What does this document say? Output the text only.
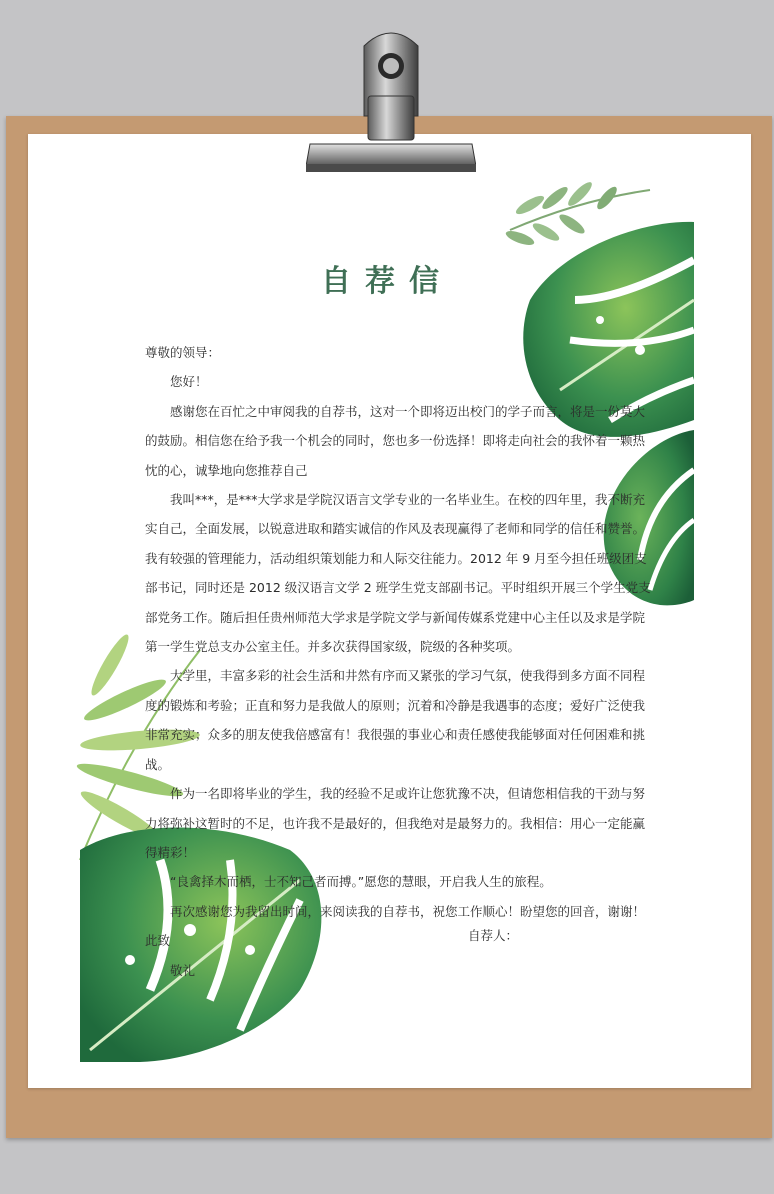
自荐信

尊敬的领导：

您好！

感谢您在百忙之中审阅我的自荐书，这对一个即将迈出校门的学子而言，将是一份莫大的鼓励。相信您在给予我一个机会的同时，您也多一份选择！即将走向社会的我怀着一颗热忱的心，诚挚地向您推荐自己

我叫***，是***大学求是学院汉语言文学专业的一名毕业生。在校的四年里，我不断充实自己，全面发展，以锐意进取和踏实诚信的作风及表现赢得了老师和同学的信任和赞誉。我有较强的管理能力，活动组织策划能力和人际交往能力。2012 年 9 月至今担任班级团支部书记，同时还是 2012 级汉语言文学 2 班学生党支部副书记。平时组织开展三个学生党支部党务工作。随后担任贵州师范大学求是学院文学与新闻传媒系党建中心主任以及求是学院第一学生党总支办公室主任。并多次获得国家级，院级的各种奖项。

大学里，丰富多彩的社会生活和井然有序而又紧张的学习气氛，使我得到多方面不同程度的锻炼和考验；正直和努力是我做人的原则；沉着和冷静是我遇事的态度；爱好广泛使我非常充实；众多的朋友使我倍感富有！我很强的事业心和责任感使我能够面对任何困难和挑战。

作为一名即将毕业的学生，我的经验不足或许让您犹豫不决，但请您相信我的干劲与努力将弥补这暂时的不足，也许我不是最好的，但我绝对是最努力的。我相信：用心一定能赢得精彩！

“良禽择木而栖，士不知己者而搏。”愿您的慧眼，开启我人生的旅程。

再次感谢您为我留出时间，来阅读我的自荐书，祝您工作顺心！盼望您的回音，谢谢！

此致

敬礼

自荐人：
